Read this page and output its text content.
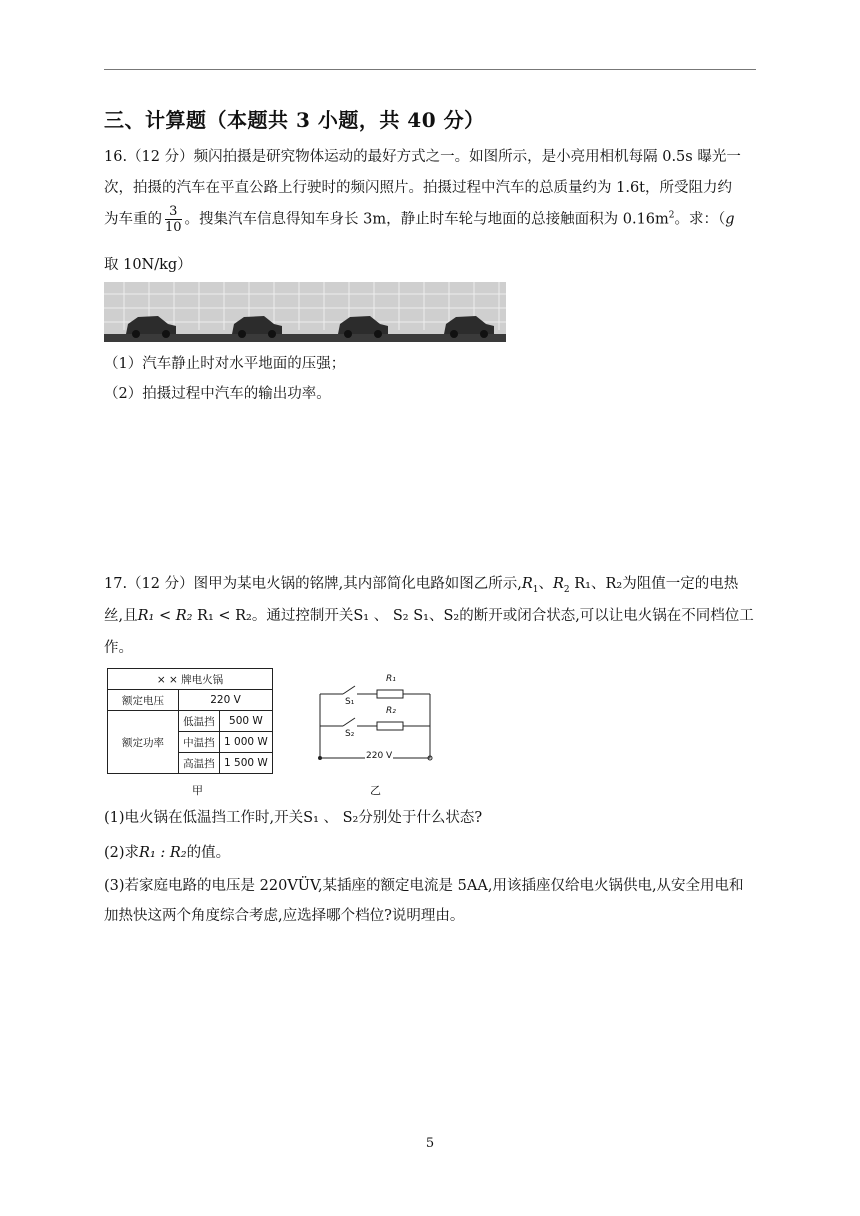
三、计算题（本题共 3 小题，共 40 分）
16.（12 分）频闪拍摄是研究物体运动的最好方式之一。如图所示，是小亮用相机每隔 0.5s 曝光一
次，拍摄的汽车在平直公路上行驶时的频闪照片。拍摄过程中汽车的总质量约为 1.6t，所受阻力约
为车重的 $\frac{3}{10}$ 。搜集汽车信息得知车身长 3m，静止时车轮与地面的总接触面积为 $0.16m^2$。求：（g
取 10N/kg）
（1）汽车静止时对水平地面的压强；
（2）拍摄过程中汽车的输出功率。
17.（12 分）图甲为某电火锅的铭牌,其内部简化电路如图乙所示$,R_1$、$R_2$ R₁、R₂为阻值一定的电热
丝,且R₁ < R₂ R₁ < R₂。通过控制开关S₁ 、 S₂ S₁、S₂的断开或闭合状态,可以让电火锅在不同档位工
作。
× × 牌电火锅		
额定电压	220 V	
额定功率	低温挡	500 W
	中温挡	1 000 W
	高温挡	1 500 W
甲
R₁
R₂
S₁
S₂
220 V
乙
(1)电火锅在低温挡工作时,开关S₁ 、 S₂分别处于什么状态?
(2)求R₁ : R₂的值。
(3)若家庭电路的电压是 220VÜV,某插座的额定电流是 5AA,用该插座仅给电火锅供电,从安全用电和
加热快这两个角度综合考虑,应选择哪个档位?说明理由。
5
